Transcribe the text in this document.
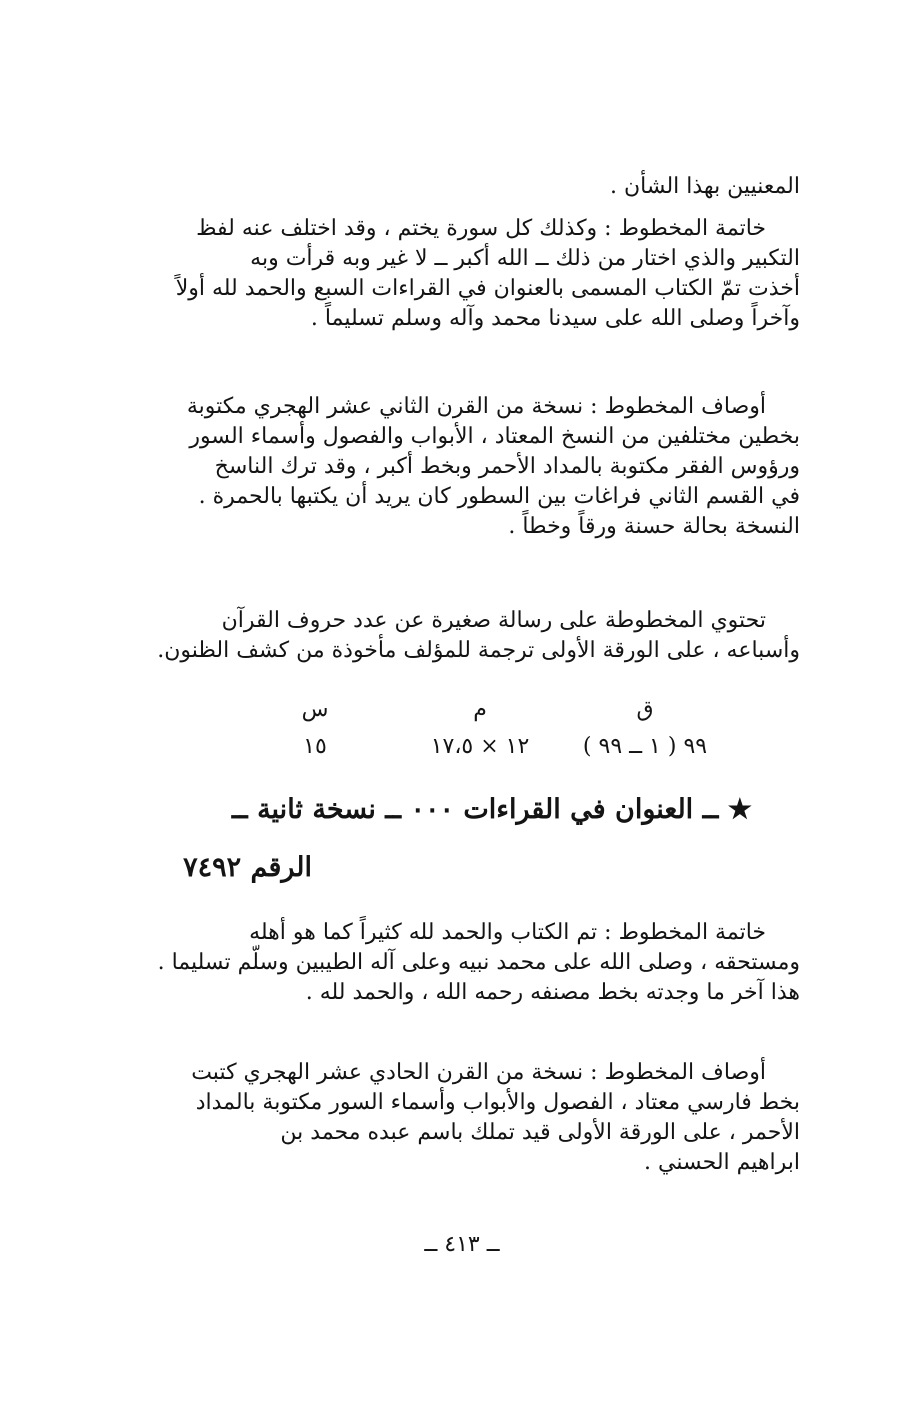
المعنيين بهذا الشأن .
خاتمة المخطوط : وكذلك كل سورة يختم ، وقد اختلف عنه لفظ
التكبير والذي اختار من ذلك ــ الله أكبر ــ لا غير وبه قرأت وبه
أخذت تمّ الكتاب المسمى بالعنوان في القراءات السبع والحمد لله أولاً
وآخراً وصلى الله على سيدنا محمد وآله وسلم تسليماً .
أوصاف المخطوط : نسخة من القرن الثاني عشر الهجري مكتوبة
بخطين مختلفين من النسخ المعتاد ، الأبواب والفصول وأسماء السور
ورؤوس الفقر مكتوبة بالمداد الأحمر وبخط أكبر ، وقد ترك الناسخ
في القسم الثاني فراغات بين السطور كان يريد أن يكتبها بالحمرة .
النسخة بحالة حسنة ورقاً وخطاً .
تحتوي المخطوطة على رسالة صغيرة عن عدد حروف القرآن
وأسباعه ، على الورقة الأولى ترجمة للمؤلف مأخوذة من كشف الظنون.
ق
م
س
٩٩ ( ١ ــ ٩٩ )
١٢ × ١٧،٥
١٥
★ ــ العنوان في القراءات ٠٠٠ ــ نسخة ثانية ــ
الرقم ٧٤٩٢
خاتمة المخطوط : تم الكتاب والحمد لله كثيراً كما هو أهله
ومستحقه ، وصلى الله على محمد نبيه وعلى آله الطيبين وسلّم تسليما .
هذا آخر ما وجدته بخط مصنفه رحمه الله ، والحمد لله .
أوصاف المخطوط : نسخة من القرن الحادي عشر الهجري كتبت
بخط فارسي معتاد ، الفصول والأبواب وأسماء السور مكتوبة بالمداد
الأحمر ، على الورقة الأولى قيد تملك باسم عبده محمد بن
ابراهيم الحسني .
ــ ٤١٣ ــ
